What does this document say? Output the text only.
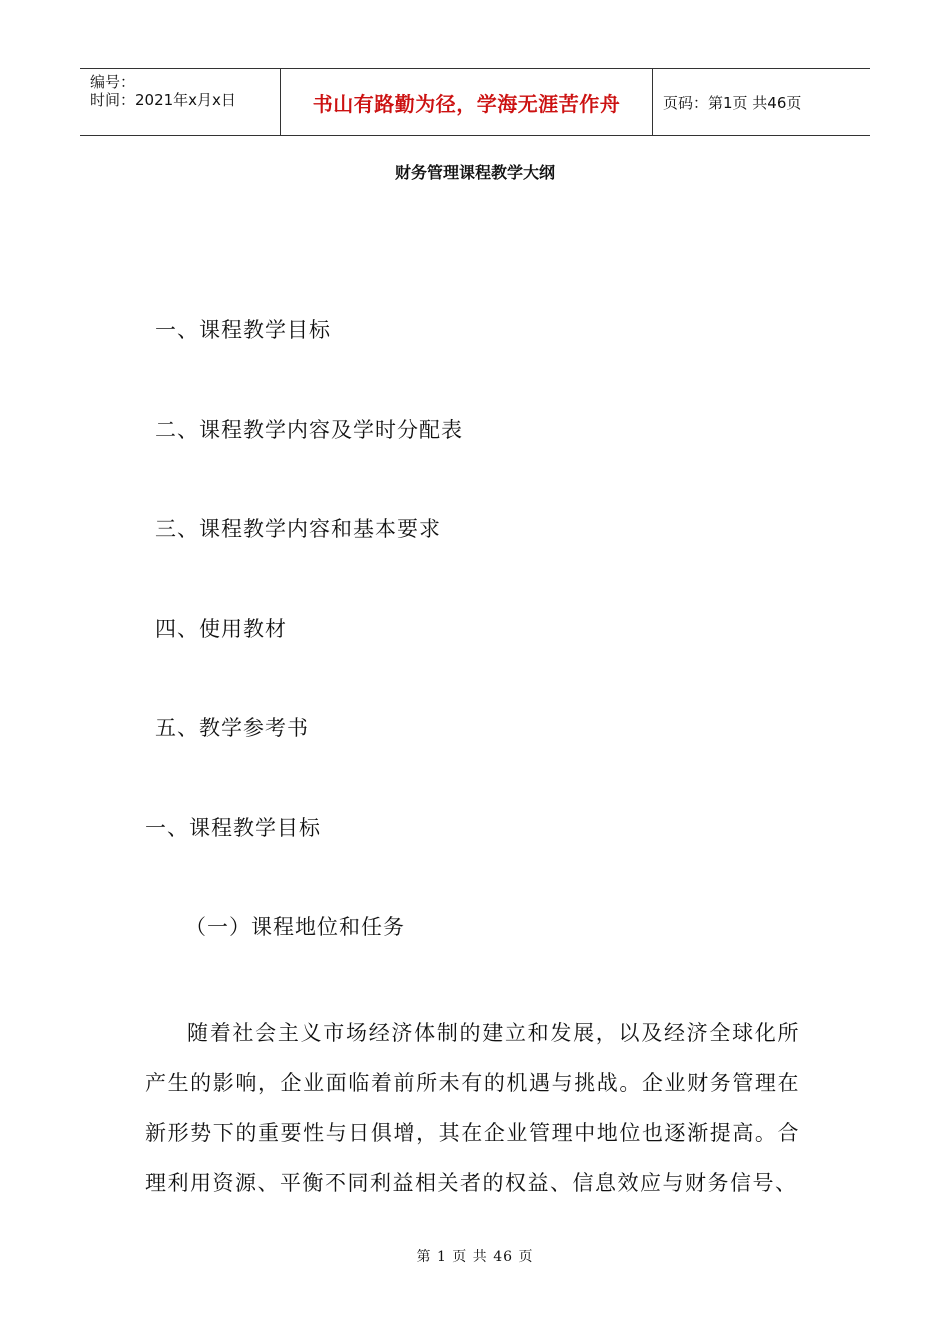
编号：
时间：2021年x月x日	书山有路勤为径，学海无涯苦作舟	页码：第1页 共46页
财务管理课程教学大纲
一、课程教学目标
二、课程教学内容及学时分配表
三、课程教学内容和基本要求
四、使用教材
五、教学参考书
一、课程教学目标
（一）课程地位和任务
随着社会主义市场经济体制的建立和发展，以及经济全球化所产生的影响，企业面临着前所未有的机遇与挑战。企业财务管理在新形势下的重要性与日俱增，其在企业管理中地位也逐渐提高。合理利用资源、平衡不同利益相关者的权益、信息效应与财务信号、
第 1 页 共 46 页
